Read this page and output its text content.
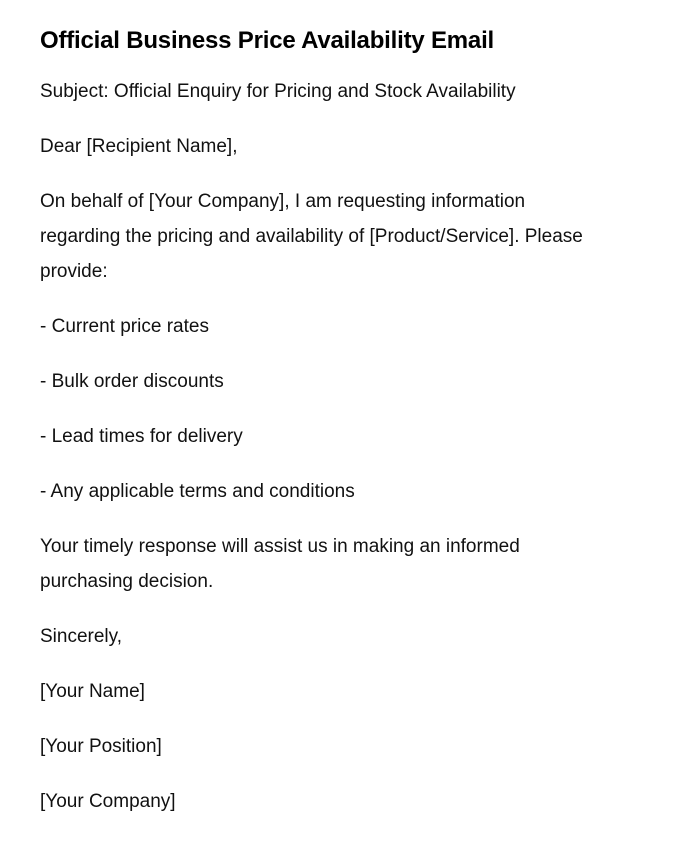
Official Business Price Availability Email

Subject: Official Enquiry for Pricing and Stock Availability

Dear [Recipient Name],

On behalf of [Your Company], I am requesting information regarding the pricing and availability of [Product/Service]. Please provide:

- Current price rates

- Bulk order discounts

- Lead times for delivery

- Any applicable terms and conditions

Your timely response will assist us in making an informed purchasing decision.

Sincerely,

[Your Name]

[Your Position]

[Your Company]
